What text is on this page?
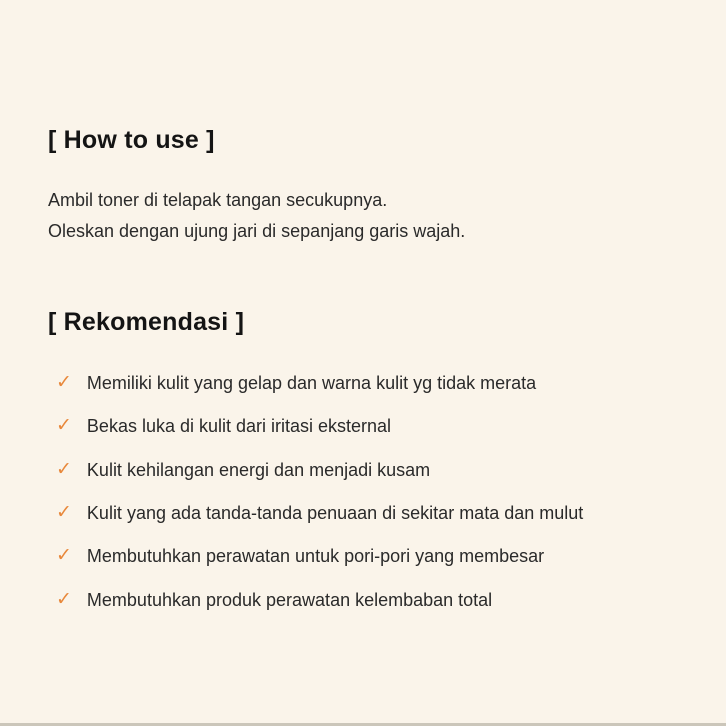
[ How to use ]

Ambil toner di telapak tangan secukupnya.
Oleskan dengan ujung jari di sepanjang garis wajah.

[ Rekomendasi ]
✓ Memiliki kulit yang gelap dan warna kulit yg tidak merata
✓ Bekas luka di kulit dari iritasi eksternal
✓ Kulit kehilangan energi dan menjadi kusam
✓ Kulit yang ada tanda-tanda penuaan di sekitar mata dan mulut
✓ Membutuhkan perawatan untuk pori-pori yang membesar
✓ Membutuhkan produk perawatan kelembaban total
